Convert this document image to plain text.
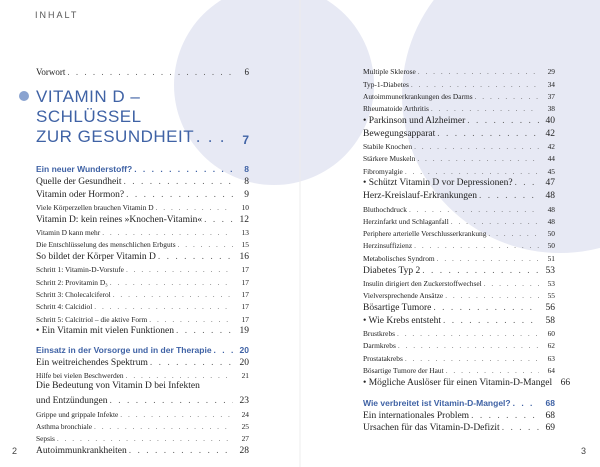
INHALT
Vorwort . . .	6
VITAMIN D – SCHLÜSSEL
ZUR GESUNDHEIT . . .	7
Ein neuer Wunderstoff? . . .	8
Quelle der Gesundheit . . .	8
Vitamin oder Hormon? . . .	9
Viele Körperzellen brauchen Vitamin D . . .	10
Vitamin D: kein reines »Knochen-Vitamin« . . .	12
Vitamin D kann mehr . . .	13
Die Entschlüsselung des menschlichen Erbguts . . .	15
So bildet der Körper Vitamin D . . .	16
Schritt 1: Vitamin-D-Vorstufe . . .	17
Schritt 2: Provitamin D₃ . . .	17
Schritt 3: Cholecalciferol . . .	17
Schritt 4: Calcidiol . . .	17
Schritt 5: Calcitriol – die aktive Form . . .	17
• Ein Vitamin mit vielen Funktionen . . .	19
Einsatz in der Vorsorge und in der Therapie . . .	20
Ein weitreichendes Spektrum . . .	20
Hilfe bei vielen Beschwerden . . .	21
Die Bedeutung von Vitamin D bei Infekten
und Entzündungen . . .	23
Grippe und grippale Infekte . . .	24
Asthma bronchiale . . .	25
Sepsis . . .	27
Autoimmunkrankheiten . . .	28
Multiple Sklerose . . .	29
Typ-1-Diabetes . . .	34
Autoimmunerkrankungen des Darms . . .	37
Rheumatoide Arthritis . . .	38
• Parkinson und Alzheimer . . .	40
Bewegungsapparat . . .	42
Stabile Knochen . . .	42
Stärkere Muskeln . . .	44
Fibromyalgie . . .	45
• Schützt Vitamin D vor Depressionen? . . .	47
Herz-Kreislauf-Erkrankungen . . .	48
Bluthochdruck . . .	48
Herzinfarkt und Schlaganfall . . .	48
Periphere arterielle Verschlusserkrankung . . .	50
Herzinsuffizienz . . .	50
Metabolisches Syndrom . . .	51
Diabetes Typ 2 . . .	53
Insulin dirigiert den Zuckerstoffwechsel . . .	53
Vielversprechende Ansätze . . .	55
Bösartige Tumore . . .	56
• Wie Krebs entsteht . . .	58
Brustkrebs . . .	60
Darmkrebs . . .	62
Prostatakrebs . . .	63
Bösartige Tumore der Haut . . .	64
• Mögliche Auslöser für einen Vitamin-D-Mangel 66
Wie verbreitet ist Vitamin-D-Mangel? . . .	68
Ein internationales Problem . . .	68
Ursachen für das Vitamin-D-Defizit . . .	69
2	3
